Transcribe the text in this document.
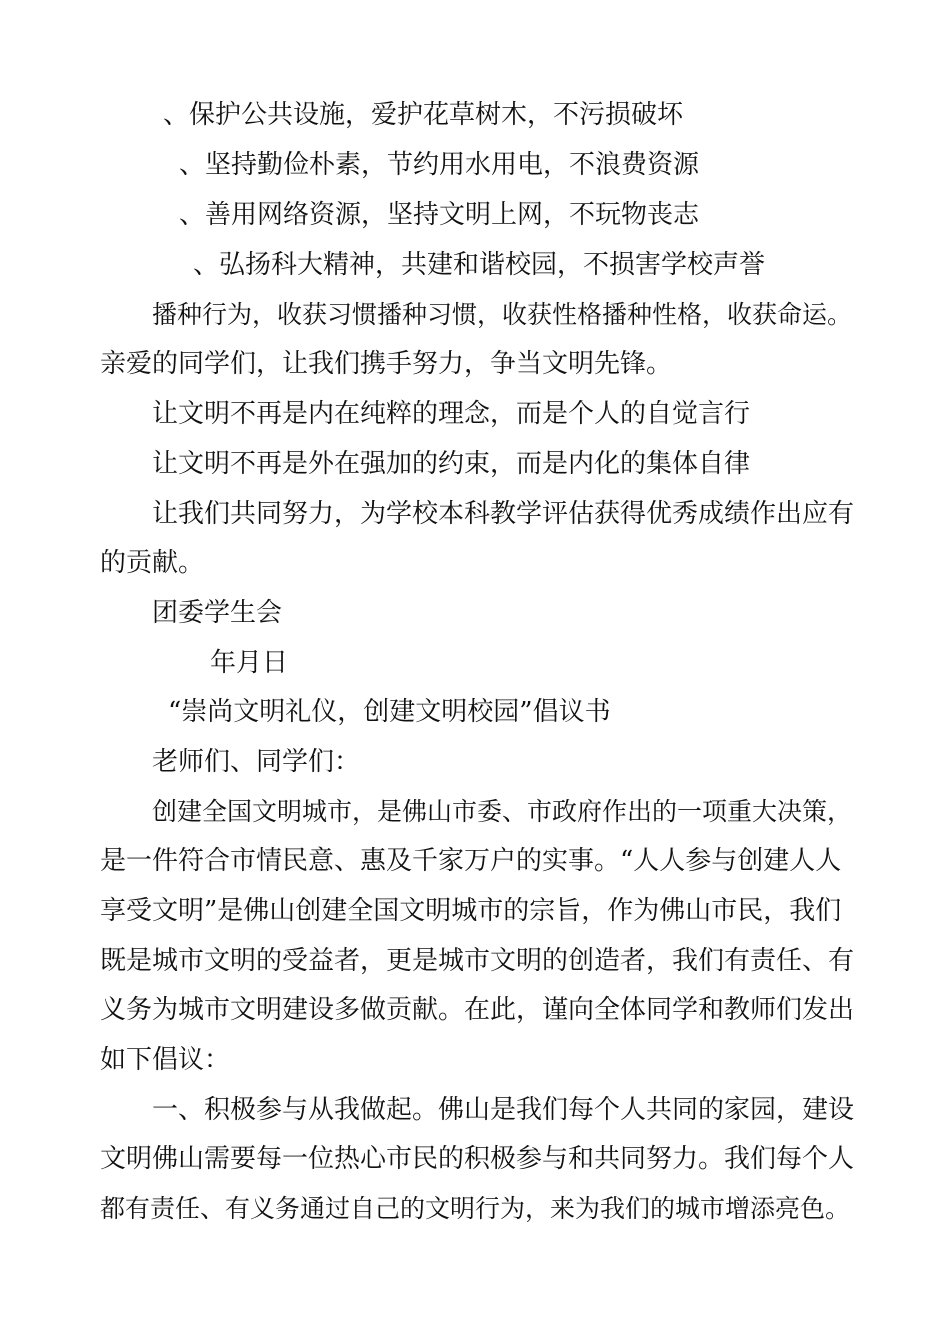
、保护公共设施，爱护花草树木，不污损破坏
、坚持勤俭朴素，节约用水用电，不浪费资源
、善用网络资源，坚持文明上网，不玩物丧志
、弘扬科大精神，共建和谐校园，不损害学校声誉
播种行为，收获习惯播种习惯，收获性格播种性格，收获命运。
亲爱的同学们，让我们携手努力，争当文明先锋。
让文明不再是内在纯粹的理念，而是个人的自觉言行
让文明不再是外在强加的约束，而是内化的集体自律
让我们共同努力，为学校本科教学评估获得优秀成绩作出应有
的贡献。
团委学生会
年月日
“崇尚文明礼仪，创建文明校园”倡议书
老师们、同学们：
创建全国文明城市，是佛山市委、市政府作出的一项重大决策，
是一件符合市情民意、惠及千家万户的实事。“人人参与创建人人
享受文明”是佛山创建全国文明城市的宗旨，作为佛山市民，我们
既是城市文明的受益者，更是城市文明的创造者，我们有责任、有
义务为城市文明建设多做贡献。在此，谨向全体同学和教师们发出
如下倡议：
一、积极参与从我做起。佛山是我们每个人共同的家园，建设
文明佛山需要每一位热心市民的积极参与和共同努力。我们每个人
都有责任、有义务通过自己的文明行为，来为我们的城市增添亮色。
